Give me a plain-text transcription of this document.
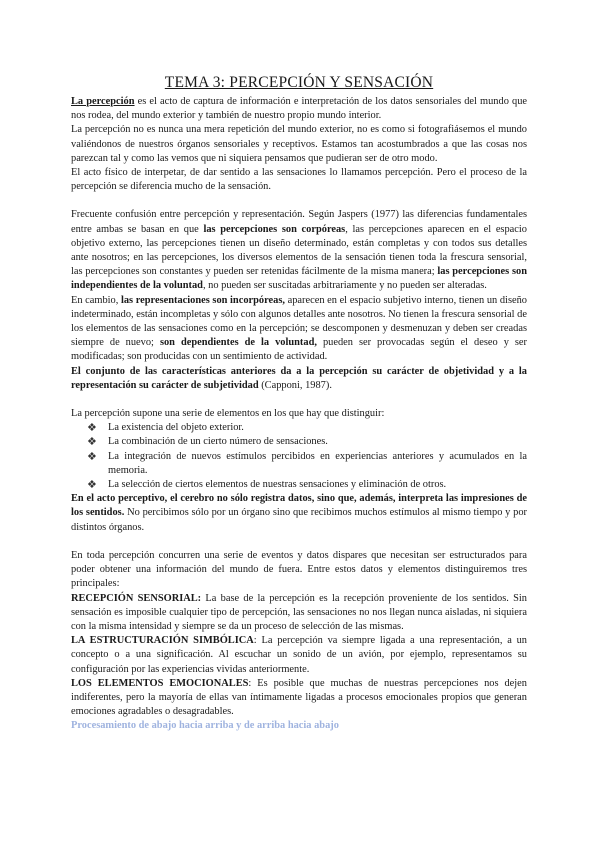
TEMA 3: PERCEPCIÓN Y SENSACIÓN

La percepción es el acto de captura de información e interpretación de los datos sensoriales del mundo que nos rodea, del mundo exterior y también de nuestro propio mundo interior.

La percepción no es nunca una mera repetición del mundo exterior, no es como si fotografiásemos el mundo valiéndonos de nuestros órganos sensoriales y receptivos. Estamos tan acostumbrados a que las cosas nos parezcan tal y como las vemos que ni siquiera pensamos que pudieran ser de otro modo.

El acto físico de interpetar, de dar sentido a las sensaciones lo llamamos percepción. Pero el proceso de la percepción se diferencia mucho de la sensación.

Frecuente confusión entre percepción y representación. Según Jaspers (1977) las diferencias fundamentales entre ambas se basan en que las percepciones son corpóreas, las percepciones aparecen en el espacio objetivo externo, las percepciones tienen un diseño determinado, están completas y con todos sus detalles ante nosotros; en las percepciones, los diversos elementos de la sensación tienen toda la frescura sensorial, las percepciones son constantes y pueden ser retenidas fácilmente de la misma manera; las percepciones son independientes de la voluntad, no pueden ser suscitadas arbitrariamente y no pueden ser alteradas.

En cambio, las representaciones son incorpóreas, aparecen en el espacio subjetivo interno, tienen un diseño indeterminado, están incompletas y sólo con algunos detalles ante nosotros. No tienen la frescura sensorial de los elementos de las sensaciones como en la percepción; se descomponen y desmenuzan y deben ser creadas siempre de nuevo; son dependientes de la voluntad, pueden ser provocadas según el deseo y ser modificadas; son producidas con un sentimiento de actividad.

El conjunto de las características anteriores da a la percepción su carácter de objetividad y a la representación su carácter de subjetividad (Capponi, 1987).

La percepción supone una serie de elementos en los que hay que distinguir:

❖ La existencia del objeto exterior.
❖ La combinación de un cierto número de sensaciones.
❖ La integración de nuevos estímulos percibidos en experiencias anteriores y acumulados en la memoria.
❖ La selección de ciertos elementos de nuestras sensaciones y eliminación de otros.

En el acto perceptivo, el cerebro no sólo registra datos, sino que, además, interpreta las impresiones de los sentidos. No percibimos sólo por un órgano sino que recibimos muchos estímulos al mismo tiempo y por distintos órganos.

En toda percepción concurren una serie de eventos y datos dispares que necesitan ser estructurados para poder obtener una información del mundo de fuera. Entre estos datos y elementos distinguiremos tres principales:

RECEPCIÓN SENSORIAL: La base de la percepción es la recepción proveniente de los sentidos. Sin sensación es imposible cualquier tipo de percepción, las sensaciones no nos llegan nunca aisladas, ni siquiera con la misma intensidad y siempre se da un proceso de selección de las mismas.

LA ESTRUCTURACIÓN SIMBÓLICA: La percepción va siempre ligada a una representación, a un concepto o a una significación. Al escuchar un sonido de un avión, por ejemplo, representamos su configuración por las experiencias vividas anteriormente.

LOS ELEMENTOS EMOCIONALES: Es posible que muchas de nuestras percepciones nos dejen indiferentes, pero la mayoría de ellas van íntimamente ligadas a procesos emocionales propios que generan emociones agradables o desagradables.

Procesamiento de abajo hacia arriba y de arriba hacia abajo
